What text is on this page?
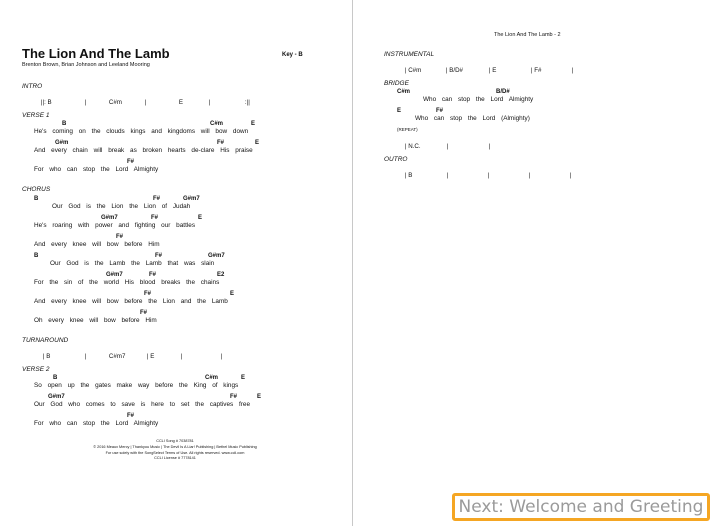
The Lion And The Lamb
Brenton Brown, Brian Johnson and Leeland Mooring
Key - B
INTRO

||: B	|	C#m	|	E	|	:||

VERSE 1
B	C#m	E
He's coming on the clouds kings and kingdoms will bow down
G#m	F#	E
And every chain will break as broken hearts de-clare His praise
F#
For who can stop the Lord Almighty
CHORUS
B	F#	G#m7
Our God is the Lion the Lion of Judah
G#m7	F#	E
He's roaring with power and fighting our battles
F#
And every knee will bow before Him
B	F#	G#m7
Our God is the Lamb the Lamb that was slain
G#m7	F#	E2
For the sin of the world His blood breaks the chains
F#	E
And every knee will bow before the Lion and the Lamb
F#
Oh every knee will bow before Him
TURNAROUND

| B	|	C#m7	| E	|	|

VERSE 2
B	C#m	E
So open up the gates make way before the King of kings
G#m7	F#	E
Our God who comes to save is here to set the captives free
F#
For who can stop the Lord Almighty
CCLI Song # 7038781
© 2016 Meaux Mercy | Thankyou Music | The Devil Is A Liar! Publishing | Bethel Music Publishing
For use solely with the SongSelect Terms of Use. All rights reserved. www.ccli.com
CCLI License # 7778141
The Lion And The Lamb - 2
INSTRUMENTAL

| C#m	| B/D#	| E	| F#	|

BRIDGE
C#m	B/D#
Who can stop the Lord Almighty
E	F#
Who can stop the Lord (Almighty)
(REPEAT)

| N.C.	|	|

OUTRO

| B	|	|	|	|

Next: Welcome and Greeting
